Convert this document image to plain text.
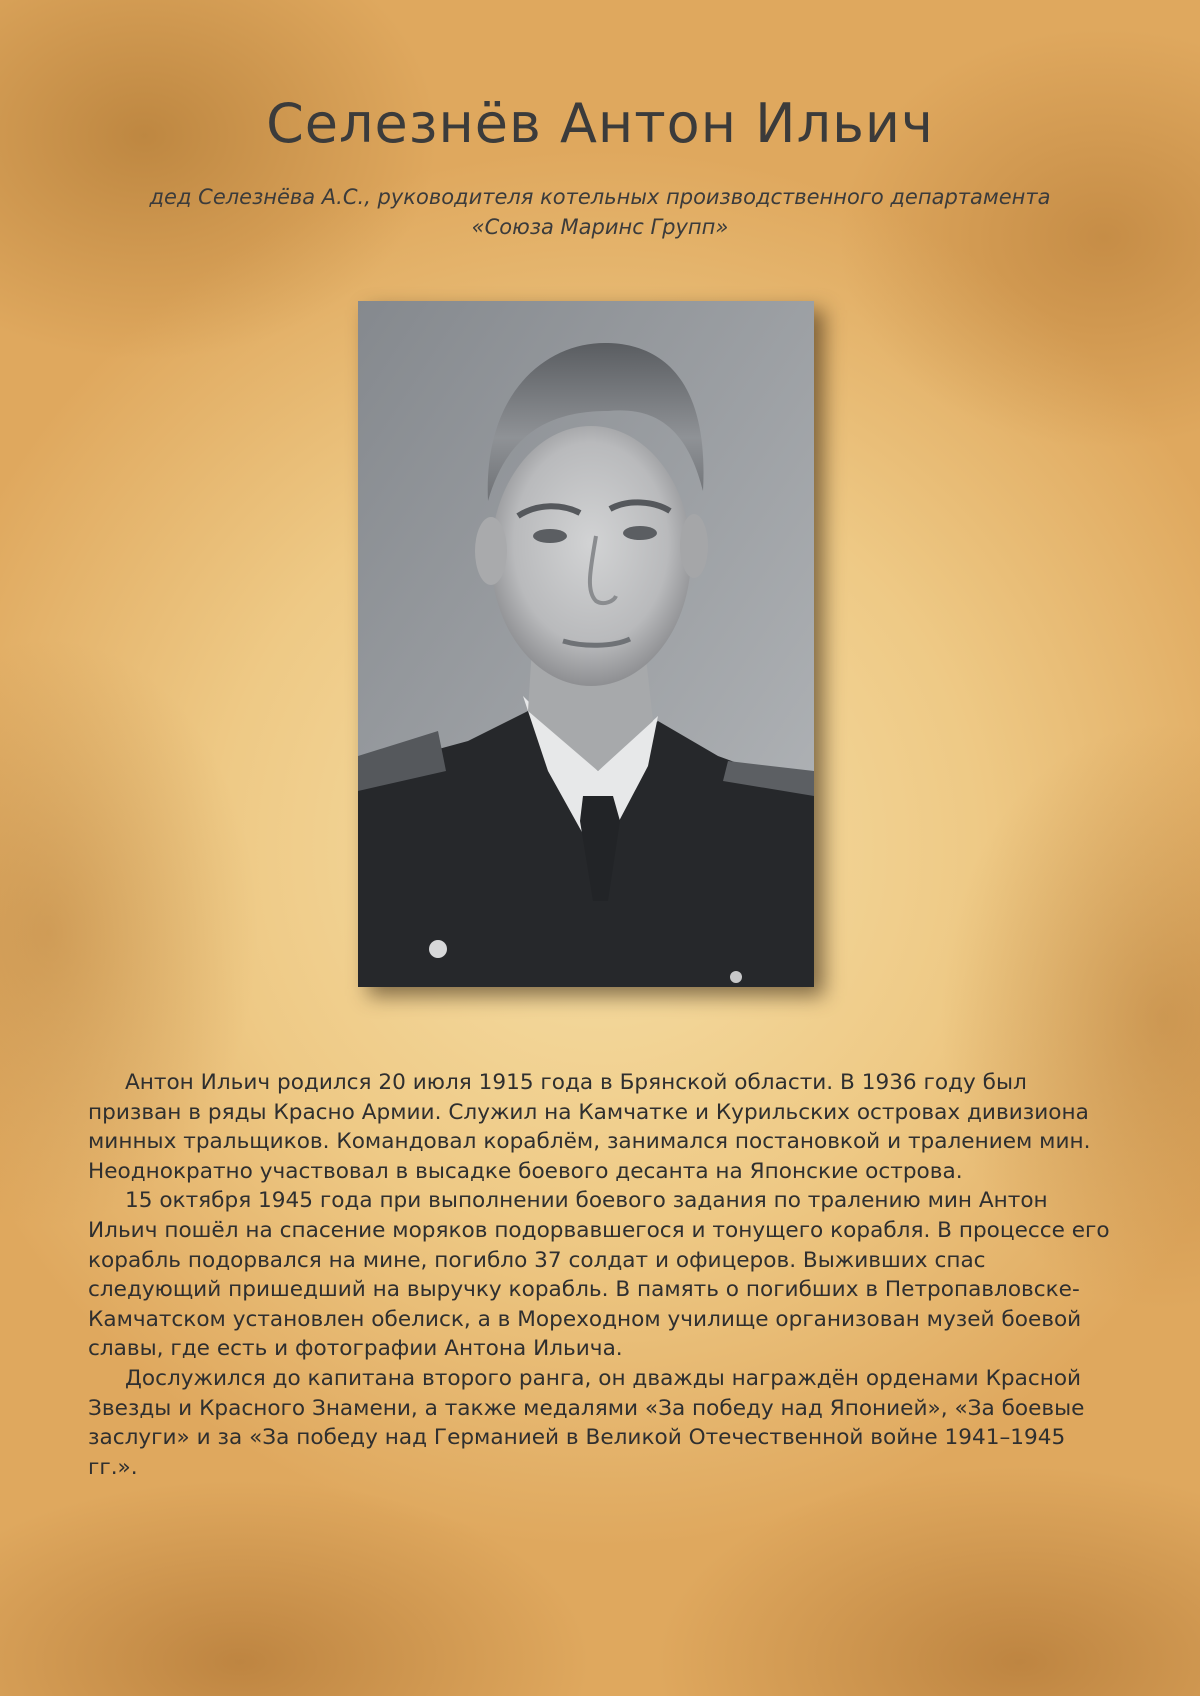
Селезнёв Антон Ильич
дед Селезнёва А.С., руководителя котельных производственного департамента
«Союза Маринс Групп»

Антон Ильич родился 20 июля 1915 года в Брянской области. В 1936 году был призван в ряды Красно Армии. Служил на Камчатке и Курильских островах дивизиона минных тральщиков. Командовал кораблём, занимался постановкой и тралением мин. Неоднократно участвовал в высадке боевого десанта на Японские острова.

15 октября 1945 года при выполнении боевого задания по тралению мин Антон Ильич пошёл на спасение моряков подорвавшегося и тонущего корабля. В процессе его корабль подорвался на мине, погибло 37 солдат и офицеров. Выживших спас следующий пришедший на выручку корабль. В память о погибших в Петропавловске-Камчатском установлен обелиск, а в Мореходном училище организован музей боевой славы, где есть и фотографии Антона Ильича.

Дослужился до капитана второго ранга, он дважды награждён орденами Красной Звезды и Красного Знамени, а также медалями «За победу над Японией», «За боевые заслуги» и за «За победу над Германией в Великой Отечественной войне 1941–1945 гг.».
